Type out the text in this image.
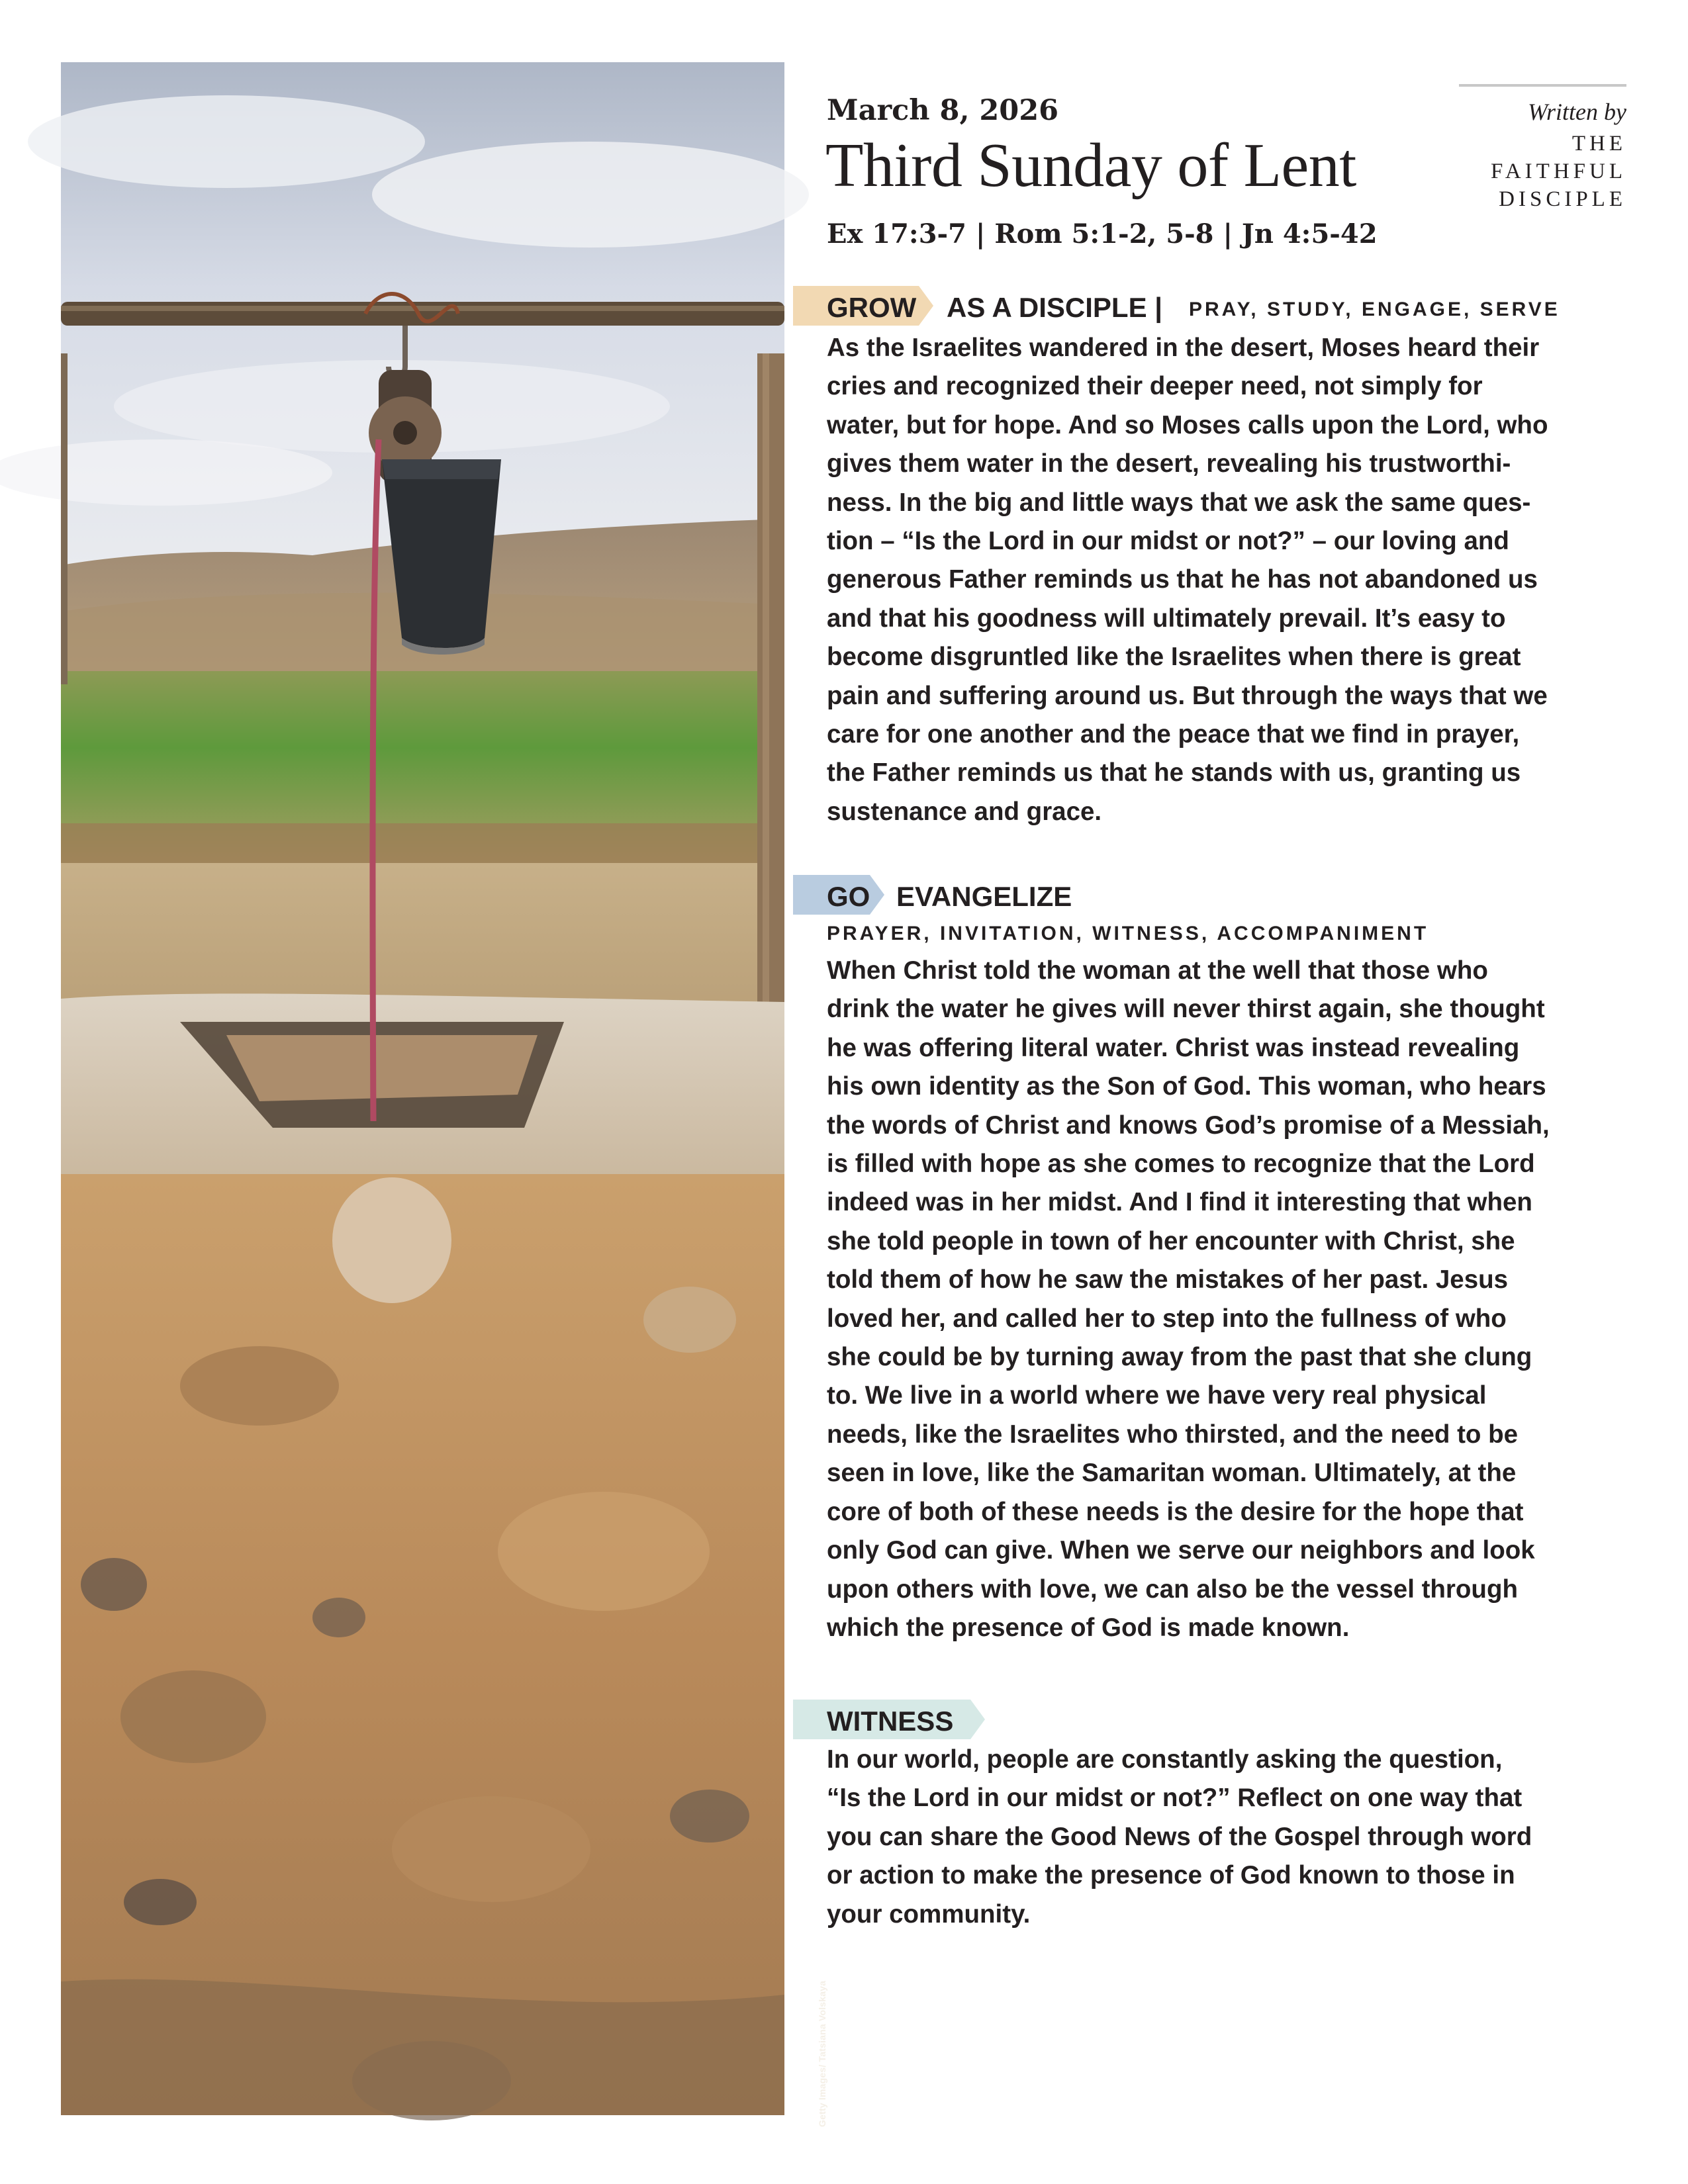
Getty Images/ Tatsiana Volskaya
March 8, 2026
Third Sunday of Lent
Ex 17:3-7 | Rom 5:1-2, 5-8 | Jn 4:5-42
Written by
THE FAITHFUL DISCIPLE
GROW AS A DISCIPLE | PRAY, STUDY, ENGAGE, SERVE
As the Israelites wandered in the desert, Moses heard their
cries and recognized their deeper need, not simply for
water, but for hope. And so Moses calls upon the Lord, who
gives them water in the desert, revealing his trustworthi-
ness. In the big and little ways that we ask the same ques-
tion – “Is the Lord in our midst or not?” – our loving and
generous Father reminds us that he has not abandoned us
and that his goodness will ultimately prevail. It’s easy to
become disgruntled like the Israelites when there is great
pain and suffering around us. But through the ways that we
care for one another and the peace that we find in prayer,
the Father reminds us that he stands with us, granting us
sustenance and grace.
GO EVANGELIZE
PRAYER, INVITATION, WITNESS, ACCOMPANIMENT
When Christ told the woman at the well that those who
drink the water he gives will never thirst again, she thought
he was offering literal water. Christ was instead revealing
his own identity as the Son of God. This woman, who hears
the words of Christ and knows God’s promise of a Messiah,
is filled with hope as she comes to recognize that the Lord
indeed was in her midst. And I find it interesting that when
she told people in town of her encounter with Christ, she
told them of how he saw the mistakes of her past. Jesus
loved her, and called her to step into the fullness of who
she could be by turning away from the past that she clung
to. We live in a world where we have very real physical
needs, like the Israelites who thirsted, and the need to be
seen in love, like the Samaritan woman. Ultimately, at the
core of both of these needs is the desire for the hope that
only God can give. When we serve our neighbors and look
upon others with love, we can also be the vessel through
which the presence of God is made known.
WITNESS
In our world, people are constantly asking the question,
“Is the Lord in our midst or not?” Reflect on one way that
you can share the Good News of the Gospel through word
or action to make the presence of God known to those in
your community.
